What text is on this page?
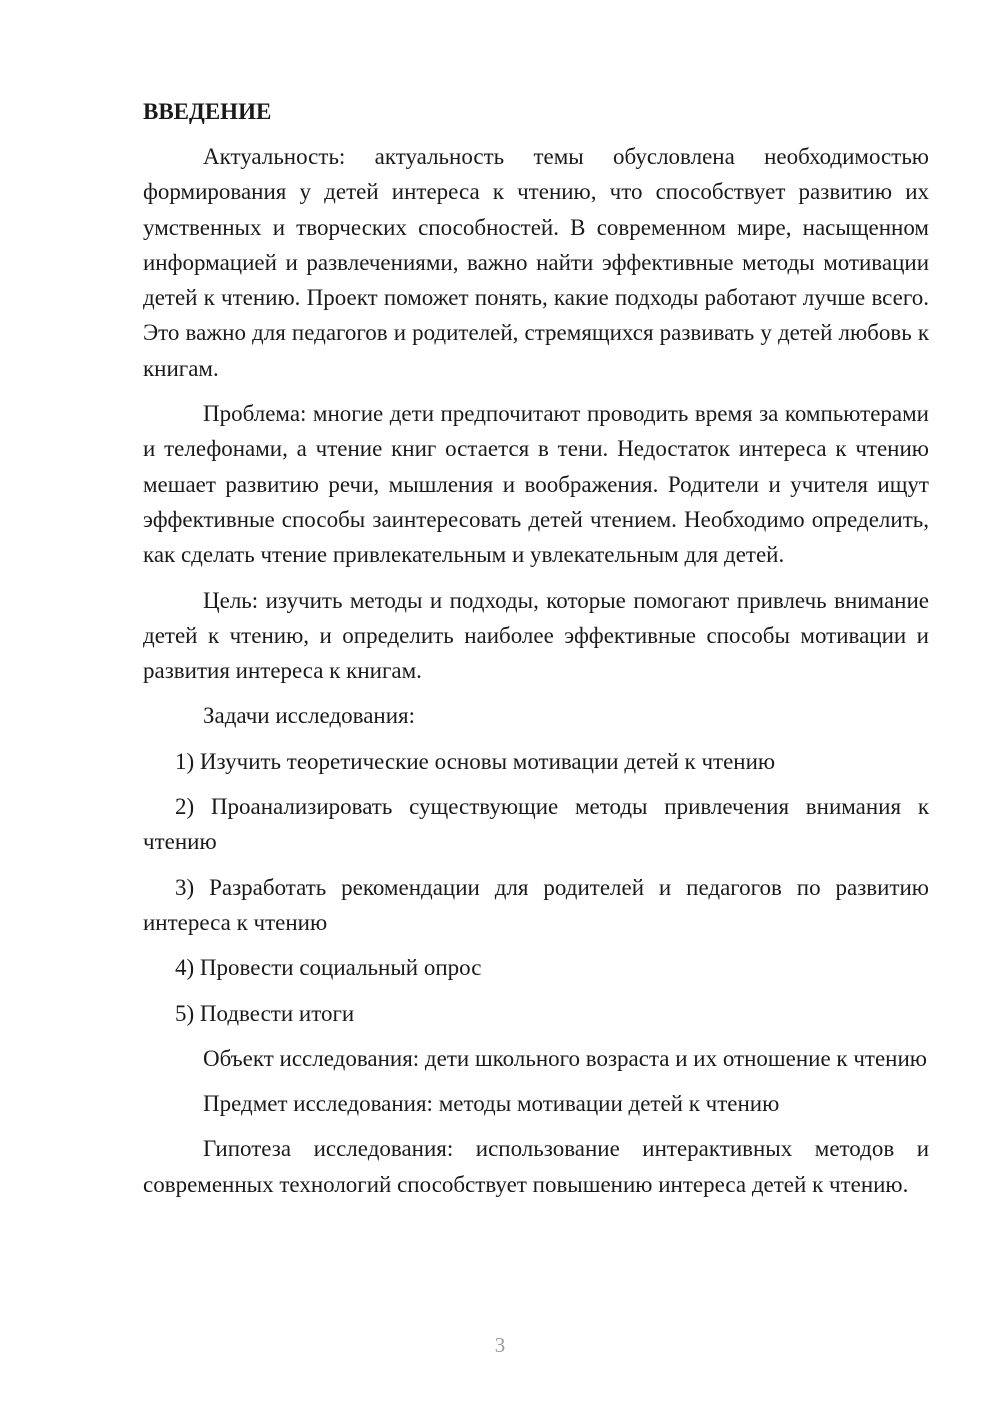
ВВЕДЕНИЕ

Актуальность: актуальность темы обусловлена необходимостью формирования у детей интереса к чтению, что способствует развитию их умственных и творческих способностей. В современном мире, насыщенном информацией и развлечениями, важно найти эффективные методы мотивации детей к чтению. Проект поможет понять, какие подходы работают лучше всего. Это важно для педагогов и родителей, стремящихся развивать у детей любовь к книгам.

Проблема: многие дети предпочитают проводить время за компьютерами и телефонами, а чтение книг остается в тени. Недостаток интереса к чтению мешает развитию речи, мышления и воображения. Родители и учителя ищут эффективные способы заинтересовать детей чтением. Необходимо определить, как сделать чтение привлекательным и увлекательным для детей.

Цель: изучить методы и подходы, которые помогают привлечь внимание детей к чтению, и определить наиболее эффективные способы мотивации и развития интереса к книгам.

Задачи исследования:

1) Изучить теоретические основы мотивации детей к чтению

2) Проанализировать существующие методы привлечения внимания к чтению

3) Разработать рекомендации для родителей и педагогов по развитию интереса к чтению

4) Провести социальный опрос

5) Подвести итоги

Объект исследования: дети школьного возраста и их отношение к чтению

Предмет исследования: методы мотивации детей к чтению

Гипотеза исследования: использование интерактивных методов и современных технологий способствует повышению интереса детей к чтению.

3
